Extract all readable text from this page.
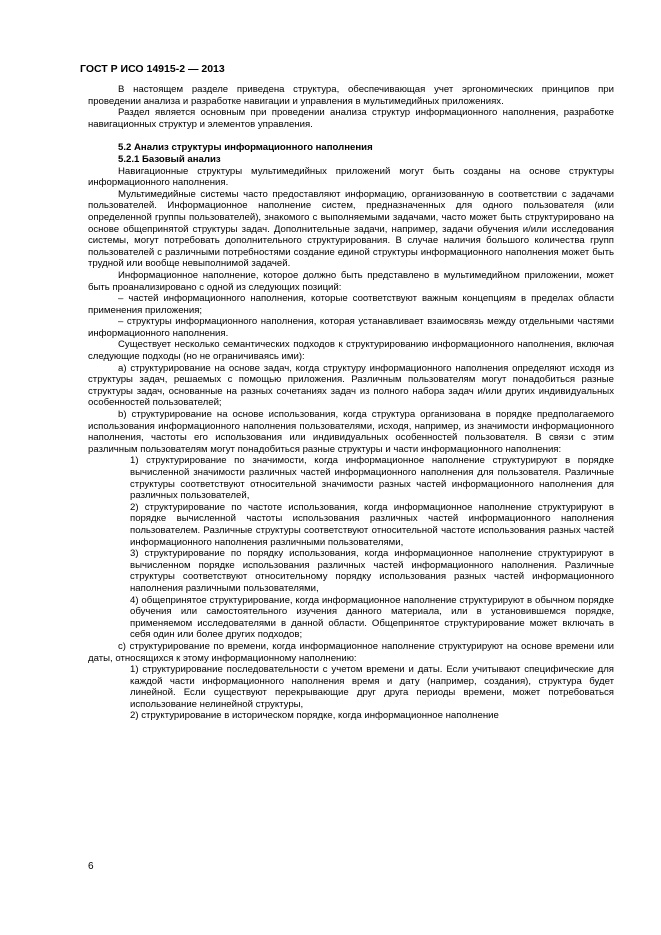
ГОСТ Р ИСО 14915-2 — 2013

В настоящем разделе приведена структура, обеспечивающая учет эргономических принципов при проведении анализа и разработке навигации и управления в мультимедийных приложениях.

Раздел является основным при проведении анализа структур информационного наполнения, разработке навигационных структур и элементов управления.

5.2 Анализ структуры информационного наполнения

5.2.1 Базовый анализ

Навигационные структуры мультимедийных приложений могут быть созданы на основе структуры информационного наполнения.

Мультимедийные системы часто предоставляют информацию, организованную в соответствии с задачами пользователей. Информационное наполнение систем, предназначенных для одного пользователя (или определенной группы пользователей), знакомого с выполняемыми задачами, часто может быть структурировано на основе общепринятой структуры задач. Дополнительные задачи, например, задачи обучения и/или исследования системы, могут потребовать дополнительного структурирования. В случае наличия большого количества групп пользователей с различными потребностями создание единой структуры информационного наполнения может быть трудной или вообще невыполнимой задачей.

Информационное наполнение, которое должно быть представлено в мультимедийном приложении, может быть проанализировано с одной из следующих позиций:

– частей информационного наполнения, которые соответствуют важным концепциям в пределах области применения приложения;

– структуры информационного наполнения, которая устанавливает взаимосвязь между отдельными частями информационного наполнения.

Существует несколько семантических подходов к структурированию информационного наполнения, включая следующие подходы (но не ограничиваясь ими):

a) структурирование на основе задач, когда структуру информационного наполнения определяют исходя из структуры задач, решаемых с помощью приложения. Различным пользователям могут понадобиться разные структуры задач, основанные на разных сочетаниях задач из полного набора задач и/или других индивидуальных особенностей пользователей;

b) структурирование на основе использования, когда структура организована в порядке предполагаемого использования информационного наполнения пользователями, исходя, например, из значимости информационного наполнения, частоты его использования или индивидуальных особенностей пользователя. В связи с этим различным пользователям могут понадобиться разные структуры и части информационного наполнения:

1) структурирование по значимости, когда информационное наполнение структурируют в порядке вычисленной значимости различных частей информационного наполнения для пользователя. Различные структуры соответствуют относительной значимости разных частей информационного наполнения для различных пользователей,

2) структурирование по частоте использования, когда информационное наполнение структурируют в порядке вычисленной частоты использования различных частей информационного наполнения пользователем. Различные структуры соответствуют относительной частоте использования разных частей информационного наполнения различными пользователями,

3) структурирование по порядку использования, когда информационное наполнение структурируют в вычисленном порядке использования различных частей информационного наполнения. Различные структуры соответствуют относительному порядку использования разных частей информационного наполнения различными пользователями,

4) общепринятое структурирование, когда информационное наполнение структурируют в обычном порядке обучения или самостоятельного изучения данного материала, или в установившемся порядке, применяемом исследователями в данной области. Общепринятое структурирование может включать в себя один или более других подходов;

c) структурирование по времени, когда информационное наполнение структурируют на основе времени или даты, относящихся к этому информационному наполнению:

1) структурирование последовательности с учетом времени и даты. Если учитывают специфические для каждой части информационного наполнения время и дату (например, создания), структура будет линейной. Если существуют перекрывающие друг друга периоды времени, может потребоваться использование нелинейной структуры,

2) структурирование в историческом порядке, когда информационное наполнение

6
